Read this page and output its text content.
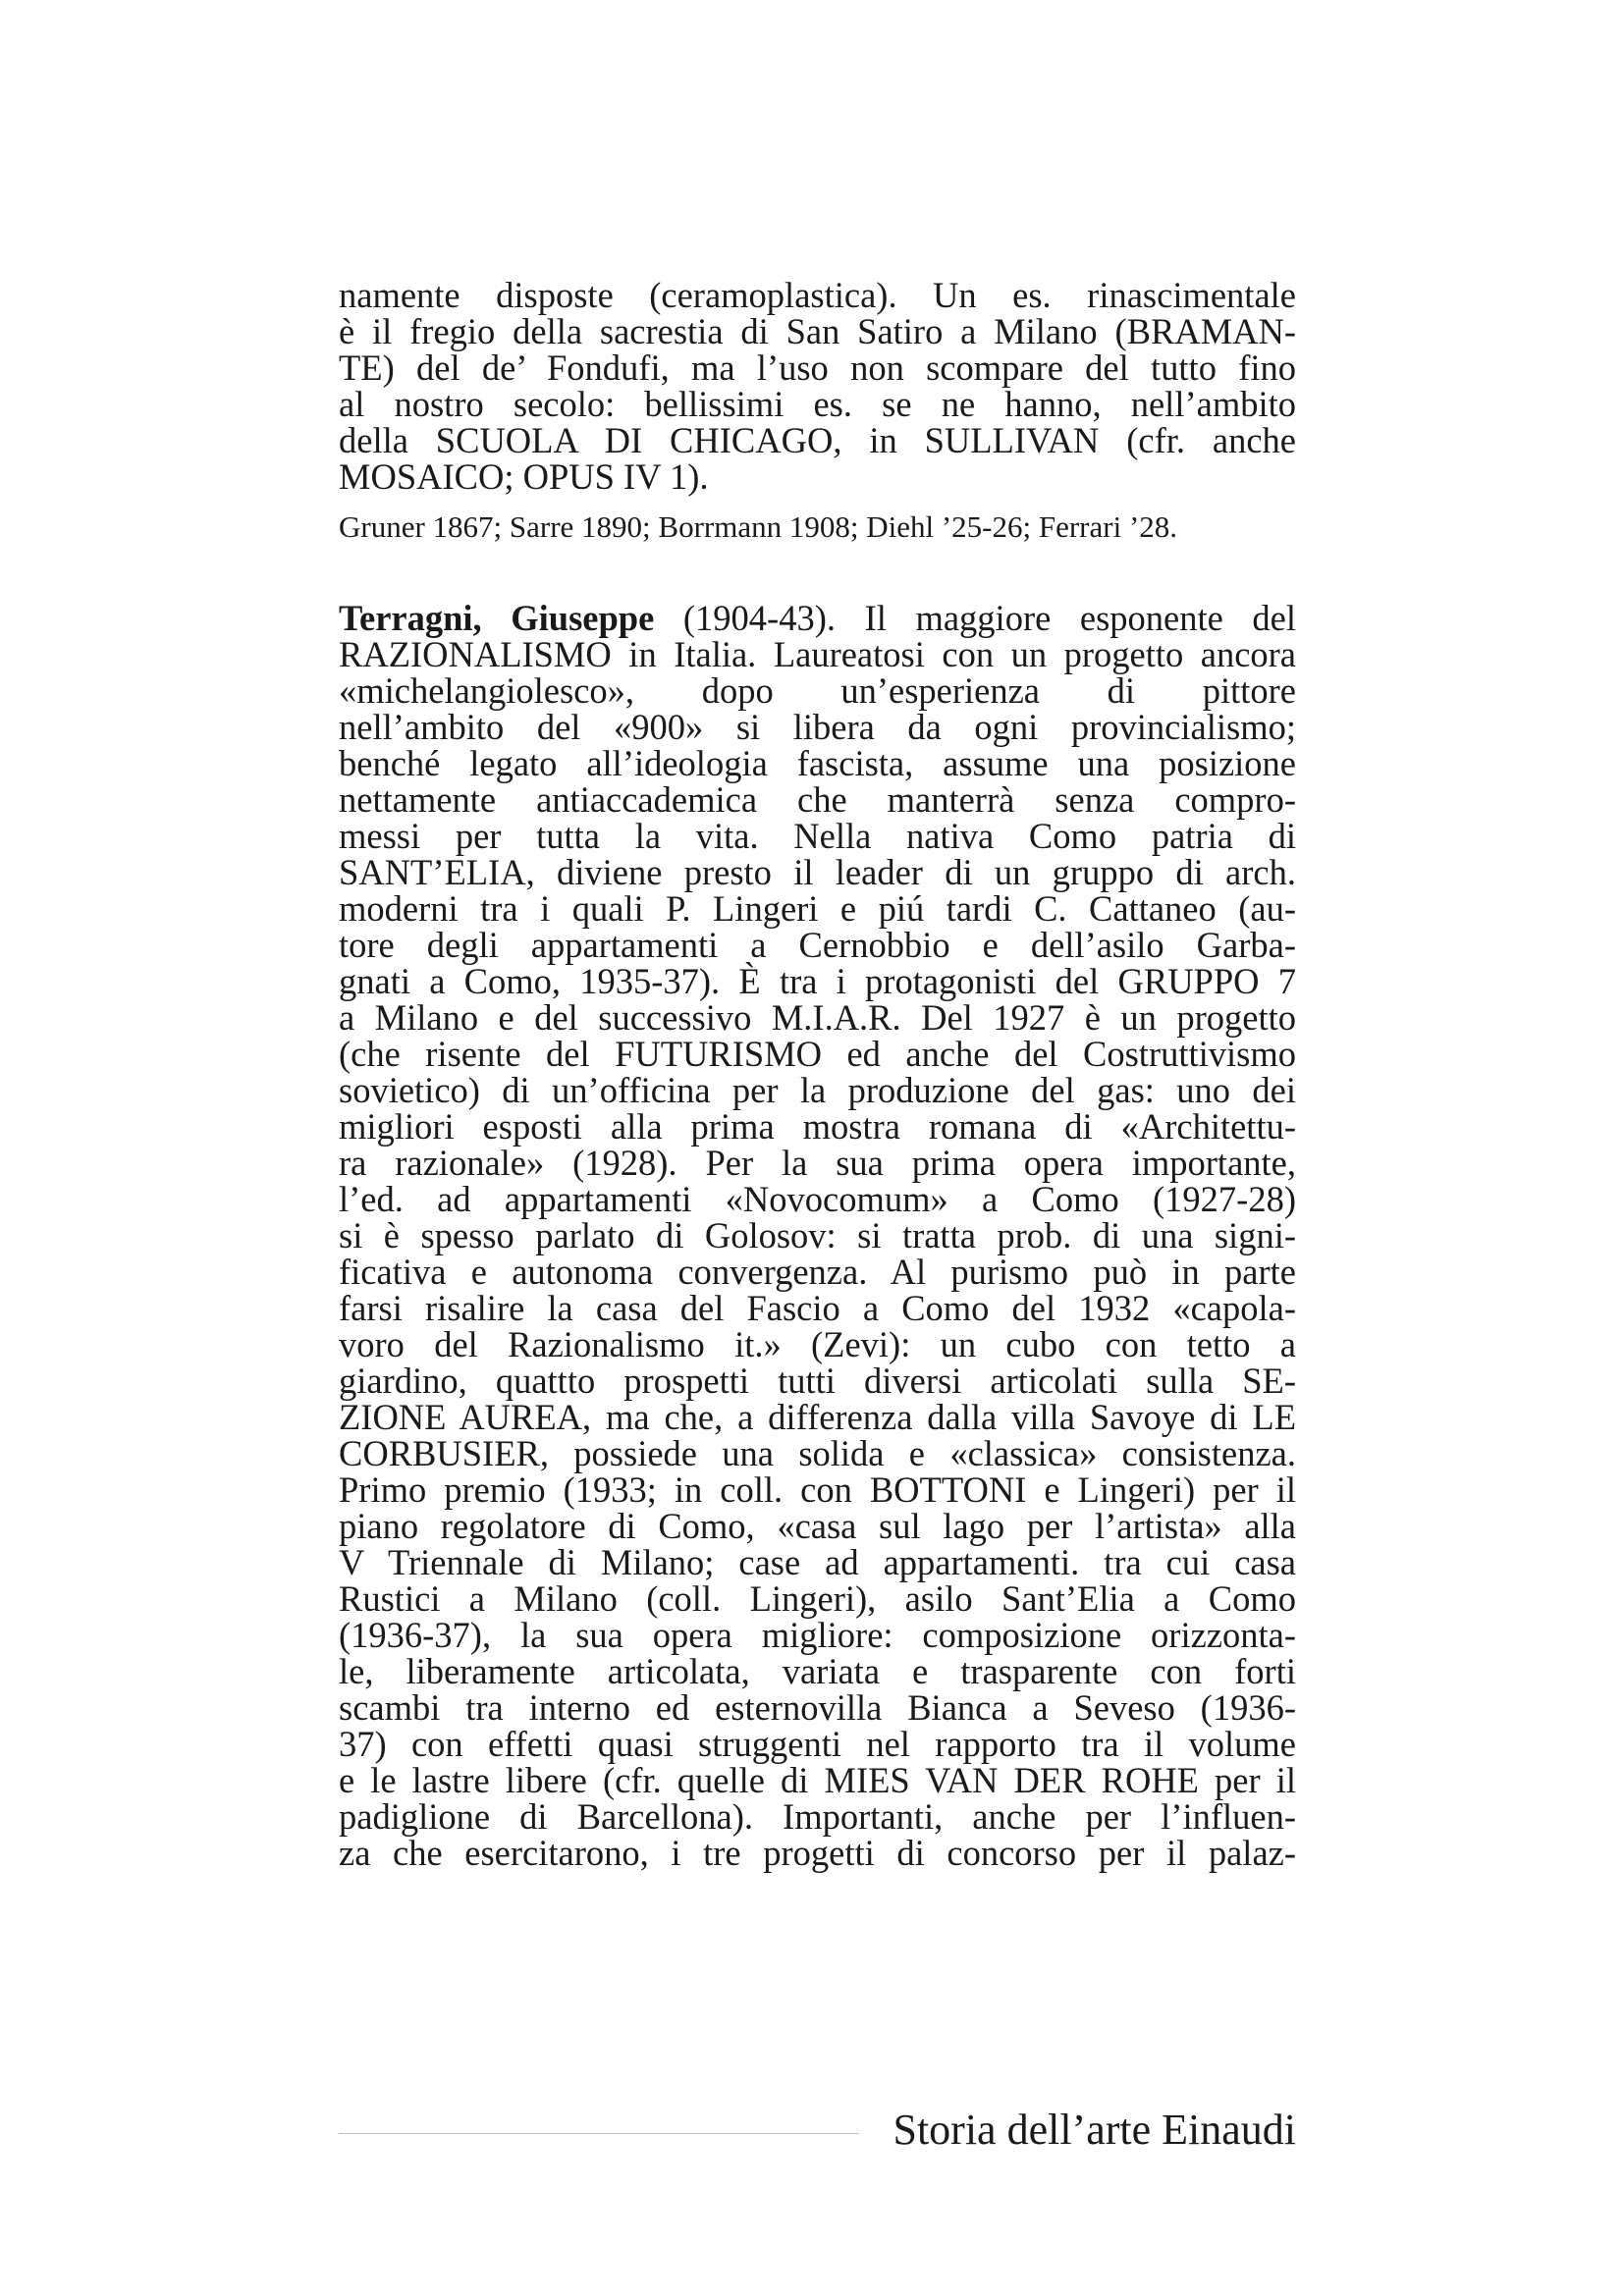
namente disposte (ceramoplastica). Un es. rinascimentale
è il fregio della sacrestia di San Satiro a Milano (BRAMAN-
TE) del de’ Fondufi, ma l’uso non scompare del tutto fino
al nostro secolo: bellissimi es. se ne hanno, nell’ambito
della SCUOLA DI CHICAGO, in SULLIVAN (cfr. anche
MOSAICO; OPUS IV 1).

Gruner 1867; Sarre 1890; Borrmann 1908; Diehl ’25-26; Ferrari ’28.

Terragni, Giuseppe (1904-43). Il maggiore esponente del
RAZIONALISMO in Italia. Laureatosi con un progetto ancora
«michelangiolesco», dopo un’esperienza di pittore
nell’ambito del «900» si libera da ogni provincialismo;
benché legato all’ideologia fascista, assume una posizione
nettamente antiaccademica che manterrà senza compro-
messi per tutta la vita. Nella nativa Como patria di
SANT’ELIA, diviene presto il leader di un gruppo di arch.
moderni tra i quali P. Lingeri e piú tardi C. Cattaneo (au-
tore degli appartamenti a Cernobbio e dell’asilo Garba-
gnati a Como, 1935-37). È tra i protagonisti del GRUPPO 7
a Milano e del successivo M.I.A.R. Del 1927 è un progetto
(che risente del FUTURISMO ed anche del Costruttivismo
sovietico) di un’officina per la produzione del gas: uno dei
migliori esposti alla prima mostra romana di «Architettu-
ra razionale» (1928). Per la sua prima opera importante,
l’ed. ad appartamenti «Novocomum» a Como (1927-28)
si è spesso parlato di Golosov: si tratta prob. di una signi-
ficativa e autonoma convergenza. Al purismo può in parte
farsi risalire la casa del Fascio a Como del 1932 «capola-
voro del Razionalismo it.» (Zevi): un cubo con tetto a
giardino, quattto prospetti tutti diversi articolati sulla SE-
ZIONE AUREA, ma che, a differenza dalla villa Savoye di LE
CORBUSIER, possiede una solida e «classica» consistenza.
Primo premio (1933; in coll. con BOTTONI e Lingeri) per il
piano regolatore di Como, «casa sul lago per l’artista» alla
V Triennale di Milano; case ad appartamenti. tra cui casa
Rustici a Milano (coll. Lingeri), asilo Sant’Elia a Como
(1936-37), la sua opera migliore: composizione orizzonta-
le, liberamente articolata, variata e trasparente con forti
scambi tra interno ed esternovilla Bianca a Seveso (1936-
37) con effetti quasi struggenti nel rapporto tra il volume
e le lastre libere (cfr. quelle di MIES VAN DER ROHE per il
padiglione di Barcellona). Importanti, anche per l’influen-
za che esercitarono, i tre progetti di concorso per il palaz-
Storia dell’arte Einaudi
